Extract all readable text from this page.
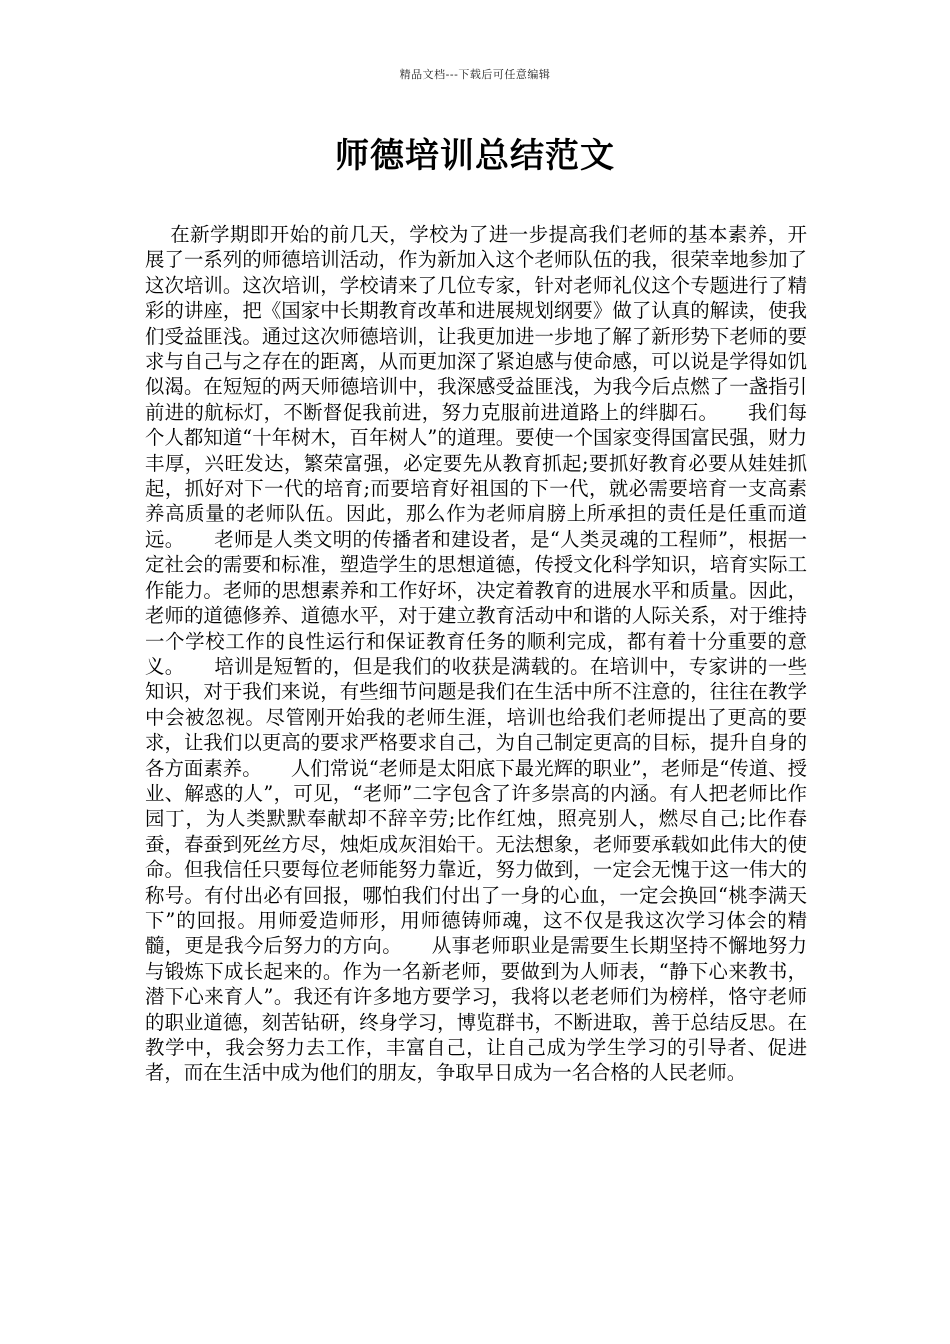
精品文档---下载后可任意编辑
师德培训总结范文

在新学期即开始的前几天，学校为了进一步提高我们老师的基本素养，开展了一系列的师德培训活动，作为新加入这个老师队伍的我，很荣幸地参加了这次培训。这次培训，学校请来了几位专家，针对老师礼仪这个专题进行了精彩的讲座，把《国家中长期教育改革和进展规划纲要》做了认真的解读，使我们受益匪浅。通过这次师德培训，让我更加进一步地了解了新形势下老师的要求与自己与之存在的距离，从而更加深了紧迫感与使命感，可以说是学得如饥似渴。在短短的两天师德培训中，我深感受益匪浅，为我今后点燃了一盏指引前进的航标灯，不断督促我前进，努力克服前进道路上的绊脚石。　　我们每个人都知道“十年树木，百年树人”的道理。要使一个国家变得国富民强，财力丰厚，兴旺发达，繁荣富强，必定要先从教育抓起;要抓好教育必要从娃娃抓起，抓好对下一代的培育;而要培育好祖国的下一代，就必需要培育一支高素养高质量的老师队伍。因此，那么作为老师肩膀上所承担的责任是任重而道远。　　老师是人类文明的传播者和建设者，是“人类灵魂的工程师”，根据一定社会的需要和标准，塑造学生的思想道德，传授文化科学知识，培育实际工作能力。老师的思想素养和工作好坏，决定着教育的进展水平和质量。因此，老师的道德修养、道德水平，对于建立教育活动中和谐的人际关系，对于维持一个学校工作的良性运行和保证教育任务的顺利完成，都有着十分重要的意义。　　培训是短暂的，但是我们的收获是满载的。在培训中，专家讲的一些知识，对于我们来说，有些细节问题是我们在生活中所不注意的，往往在教学中会被忽视。尽管刚开始我的老师生涯，培训也给我们老师提出了更高的要求，让我们以更高的要求严格要求自己，为自己制定更高的目标，提升自身的各方面素养。　　人们常说“老师是太阳底下最光辉的职业”，老师是“传道、授业、解惑的人”，可见，“老师”二字包含了许多崇高的内涵。有人把老师比作园丁，为人类默默奉献却不辞辛劳;比作红烛，照亮别人，燃尽自己;比作春蚕，春蚕到死丝方尽，烛炬成灰泪始干。无法想象，老师要承载如此伟大的使命。但我信任只要每位老师能努力靠近，努力做到，一定会无愧于这一伟大的称号。有付出必有回报，哪怕我们付出了一身的心血，一定会换回“桃李满天下”的回报。用师爱造师形，用师德铸师魂，这不仅是我这次学习体会的精髓，更是我今后努力的方向。　　从事老师职业是需要生长期坚持不懈地努力与锻炼下成长起来的。作为一名新老师，要做到为人师表，“静下心来教书，潜下心来育人”。我还有许多地方要学习，我将以老老师们为榜样，恪守老师的职业道德，刻苦钻研，终身学习，博览群书，不断进取，善于总结反思。在教学中，我会努力去工作，丰富自己，让自己成为学生学习的引导者、促进者，而在生活中成为他们的朋友，争取早日成为一名合格的人民老师。
